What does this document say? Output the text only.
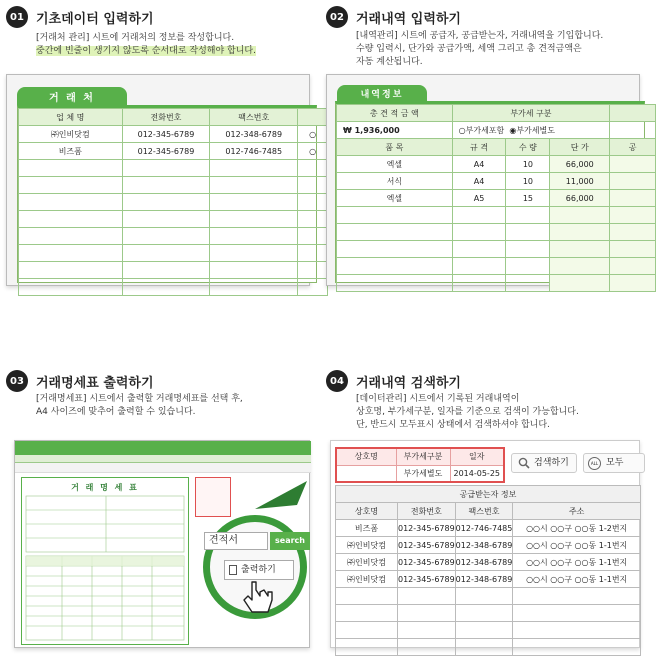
01 기초데이터 입력하기
[거래처 관리] 시트에 거래처의 정보를 작성합니다.
중간에 빈줄이 생기지 않도록 순서대로 작성해야 합니다.
거 래 처
업 체 명	전화번호	팩스번호	
㈜인비닷컴	012-345-6789	012-348-6789	○
비즈폼	012-345-6789	012-746-7485	○

02 거래내역 입력하기
[내역관리] 시트에 공급자, 공급받는자, 거래내역을 기입합니다.
수량 입력시, 단가와 공급가액, 세액 그리고 총 견적금액은
자동 계산됩니다.
내역정보
총 견 적 금 액	부가세 구분			
₩ 1,936,000	○부가세포함 ◉부가세별도			
품 목	규 격	수 량	단 가	공
엑셀	A4	10	66,000	
서식	A4	10	11,000	
엑셀	A5	15	66,000	

03 거래명세표 출력하기
[거래명세표] 시트에서 출력할 거래명세표를 선택 후,
A4 사이즈에 맞추어 출력할 수 있습니다.
거 래 명 세 표
견적서	search
출력하기
04 거래내역 검색하기
[데이터관리] 시트에서 기록된 거래내역이
상호명, 부가세구분, 일자를 기준으로 검색이 가능합니다.
단, 반드시 모두표시 상태에서 검색하셔야 합니다.
상호명	부가세구분	일자
	부가세별도	2014-05-25
검색하기	ALL 모두
공급받는자 정보			
상호명	전화번호	팩스번호	주소
비즈폼	012-345-6789	012-746-7485	○○시 ○○구 ○○동 1-2번지
㈜인비닷컴	012-345-6789	012-348-6789	○○시 ○○구 ○○동 1-1번지
㈜인비닷컴	012-345-6789	012-348-6789	○○시 ○○구 ○○동 1-1번지
㈜인비닷컴	012-345-6789	012-348-6789	○○시 ○○구 ○○동 1-1번지
